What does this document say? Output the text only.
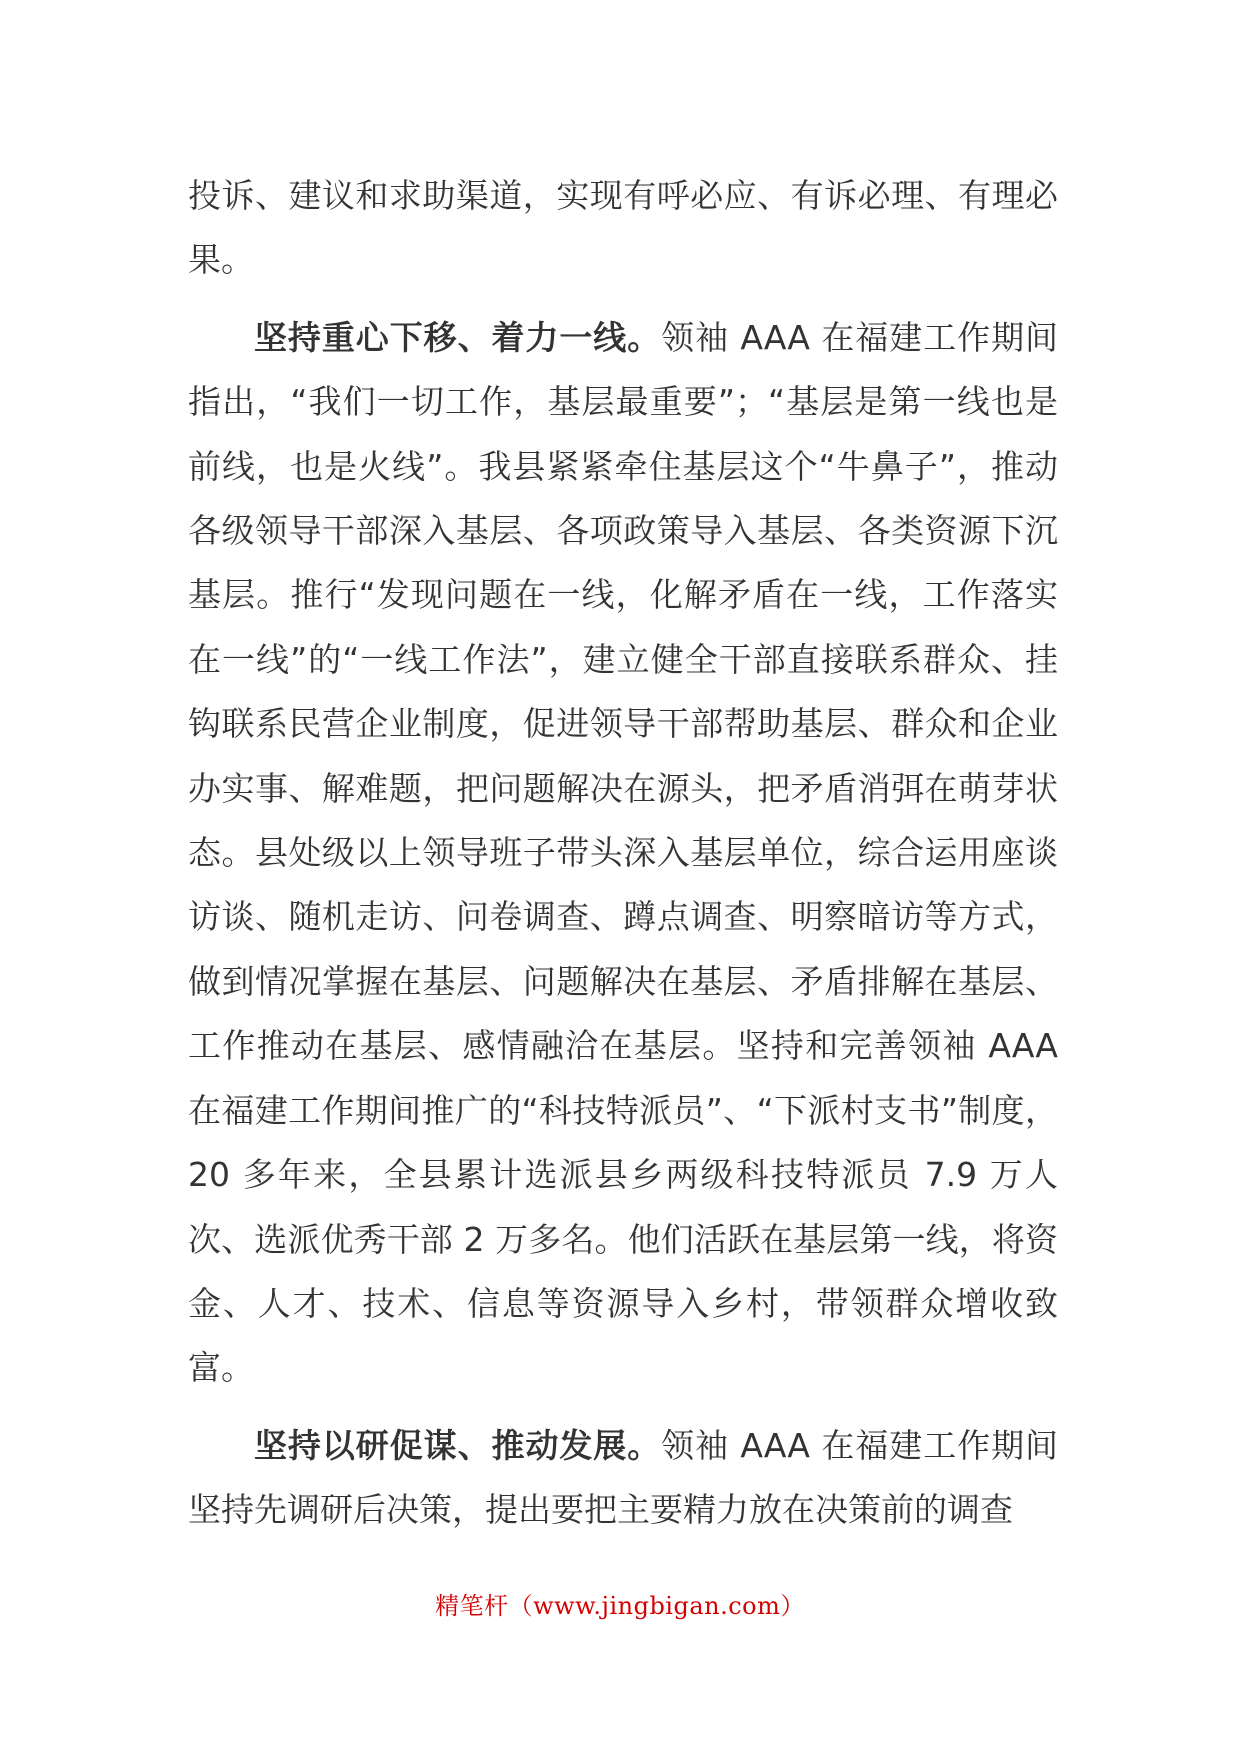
投诉、建议和求助渠道，实现有呼必应、有诉必理、有理必果。

坚持重心下移、着力一线。领袖 AAA 在福建工作期间指出，“我们一切工作，基层最重要”；“基层是第一线也是前线，也是火线”。我县紧紧牵住基层这个“牛鼻子”，推动各级领导干部深入基层、各项政策导入基层、各类资源下沉基层。推行“发现问题在一线，化解矛盾在一线，工作落实在一线”的“一线工作法”，建立健全干部直接联系群众、挂钩联系民营企业制度，促进领导干部帮助基层、群众和企业办实事、解难题，把问题解决在源头，把矛盾消弭在萌芽状态。县处级以上领导班子带头深入基层单位，综合运用座谈访谈、随机走访、问卷调查、蹲点调查、明察暗访等方式，做到情况掌握在基层、问题解决在基层、矛盾排解在基层、工作推动在基层、感情融洽在基层。坚持和完善领袖 AAA 在福建工作期间推广的“科技特派员”、“下派村支书”制度，20 多年来，全县累计选派县乡两级科技特派员 7.9 万人次、选派优秀干部 2 万多名。他们活跃在基层第一线，将资金、人才、技术、信息等资源导入乡村，带领群众增收致富。

坚持以研促谋、推动发展。领袖 AAA 在福建工作期间坚持先调研后决策，提出要把主要精力放在决策前的调查

精笔杆（www.jingbigan.com）
